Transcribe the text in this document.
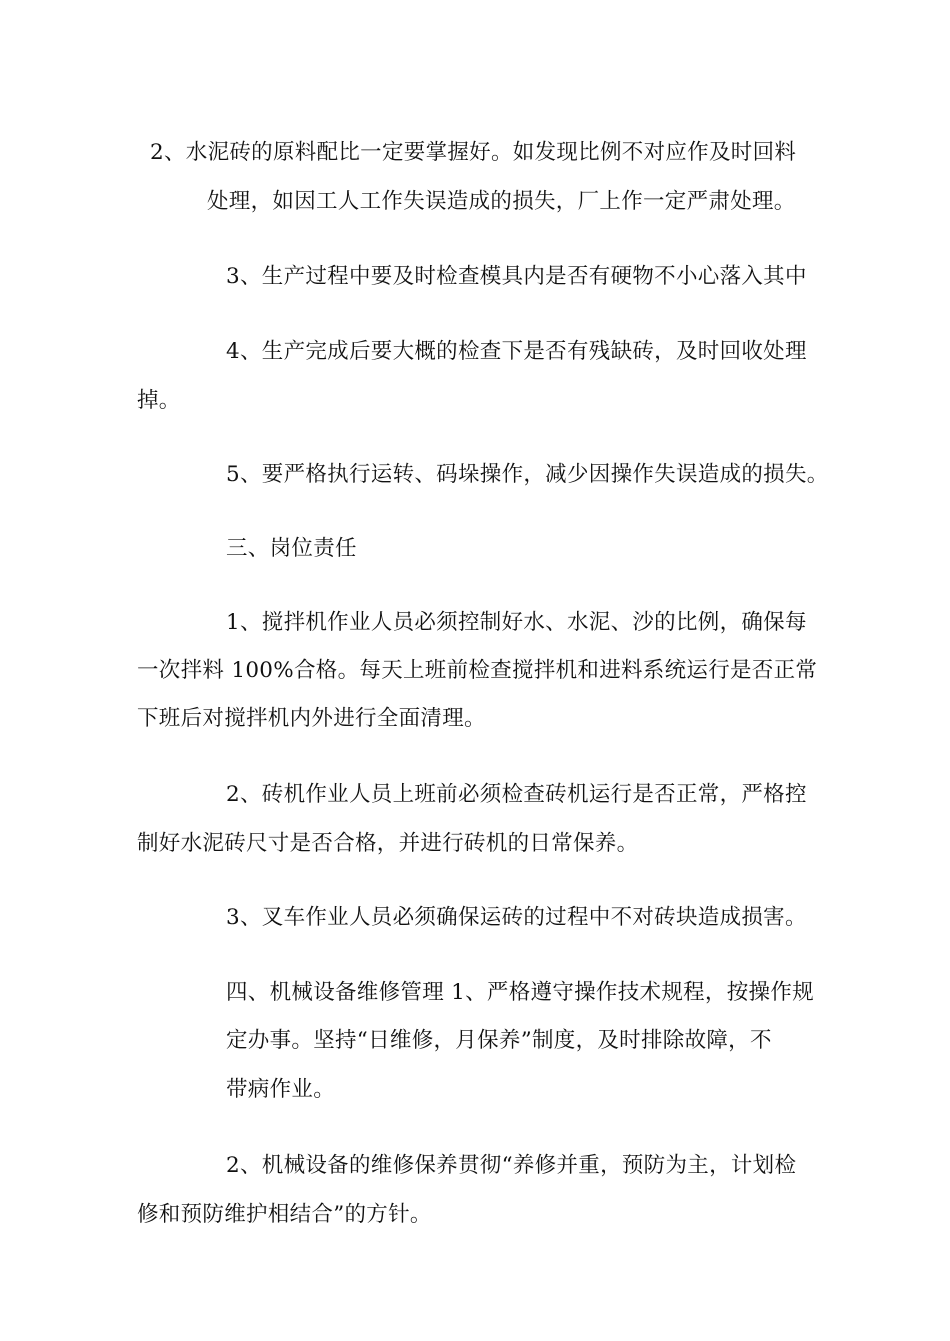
2、水泥砖的原料配比一定要掌握好。如发现比例不对应作及时回料
处理，如因工人工作失误造成的损失，厂上作一定严肃处理。
3、生产过程中要及时检查模具内是否有硬物不小心落入其中
4、生产完成后要大概的检查下是否有残缺砖，及时回收处理
掉。
5、要严格执行运转、码垛操作，减少因操作失误造成的损失。
三、岗位责任
1、搅拌机作业人员必须控制好水、水泥、沙的比例，确保每
一次拌料 100%合格。每天上班前检查搅拌机和进料系统运行是否正常
下班后对搅拌机内外进行全面清理。
2、砖机作业人员上班前必须检查砖机运行是否正常，严格控
制好水泥砖尺寸是否合格，并进行砖机的日常保养。
3、叉车作业人员必须确保运砖的过程中不对砖块造成损害。
四、机械设备维修管理 1、严格遵守操作技术规程，按操作规
定办事。坚持“日维修，月保养”制度，及时排除故障，不
带病作业。
2、机械设备的维修保养贯彻“养修并重，预防为主，计划检
修和预防维护相结合”的方针。
